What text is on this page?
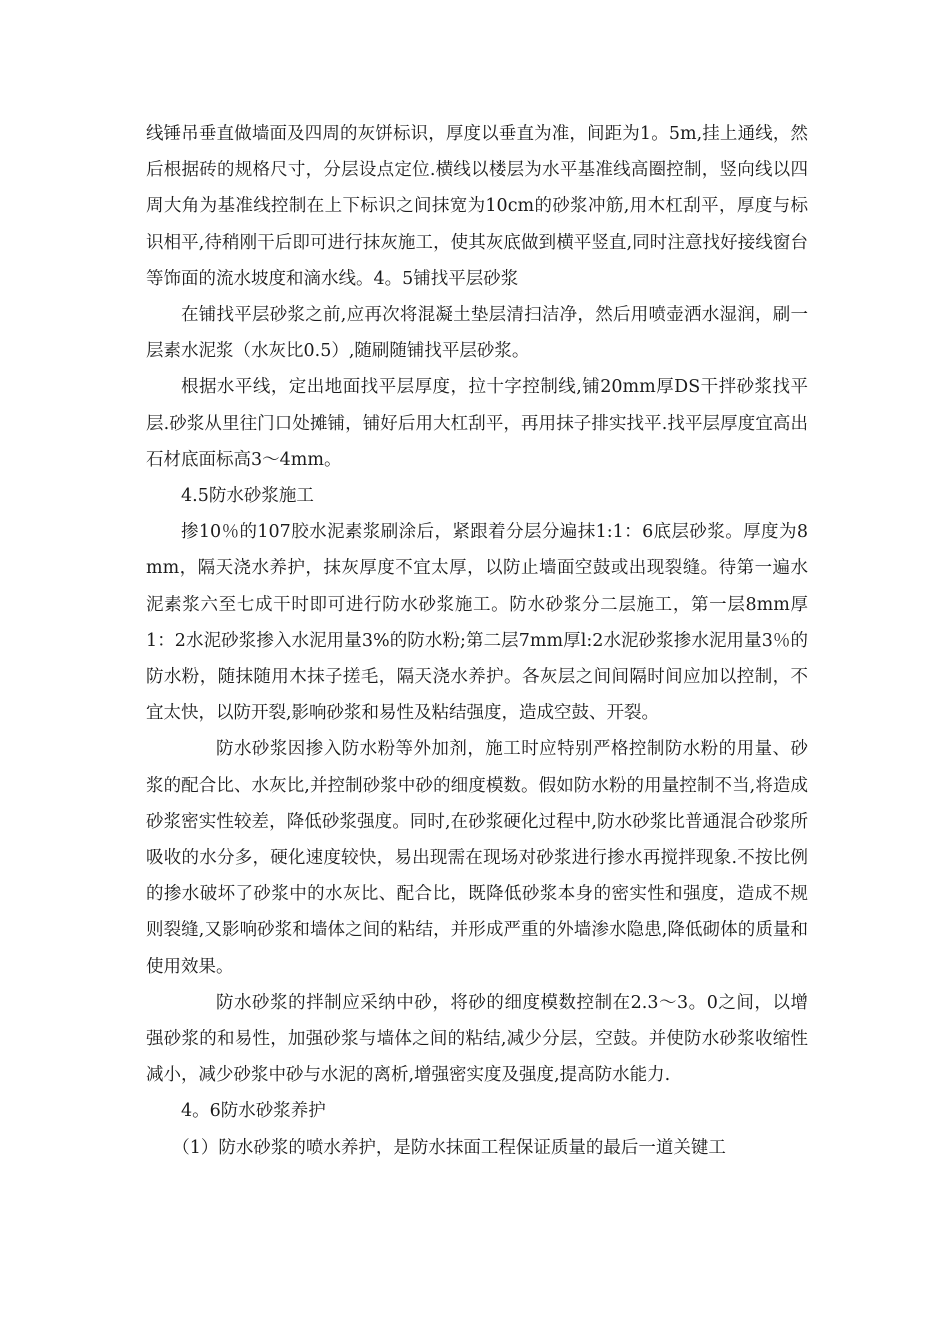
线锤吊垂直做墙面及四周的灰饼标识，厚度以垂直为准，间距为1。5m,挂上通线，然后根据砖的规格尺寸，分层设点定位.横线以楼层为水平基准线高圈控制，竖向线以四周大角为基准线控制在上下标识之间抹宽为10cm的砂浆冲筋,用木杠刮平，厚度与标识相平,待稍刚干后即可进行抹灰施工，使其灰底做到横平竖直,同时注意找好接线窗台等饰面的流水坡度和滴水线。4。5铺找平层砂浆

在铺找平层砂浆之前,应再次将混凝土垫层清扫洁净，然后用喷壶洒水湿润，刷一层素水泥浆（水灰比0.5）,随刷随铺找平层砂浆。

根据水平线，定出地面找平层厚度，拉十字控制线,铺20mm厚DS干拌砂浆找平层.砂浆从里往门口处摊铺，铺好后用大杠刮平，再用抹子排实找平.找平层厚度宜高出石材底面标高3～4mm。

4.5防水砂浆施工

掺10％的107胶水泥素浆刷涂后，紧跟着分层分遍抹1:1：6底层砂浆。厚度为8mm，隔天浇水养护，抹灰厚度不宜太厚，以防止墙面空鼓或出现裂缝。待第一遍水泥素浆六至七成干时即可进行防水砂浆施工。防水砂浆分二层施工，第一层8mm厚1：2水泥砂浆掺入水泥用量3%的防水粉;第二层7mm厚l:2水泥砂浆掺水泥用量3％的防水粉，随抹随用木抹子搓毛，隔天浇水养护。各灰层之间间隔时间应加以控制，不宜太快，以防开裂,影响砂浆和易性及粘结强度，造成空鼓、开裂。

防水砂浆因掺入防水粉等外加剂，施工时应特别严格控制防水粉的用量、砂浆的配合比、水灰比,并控制砂浆中砂的细度模数。假如防水粉的用量控制不当,将造成砂浆密实性较差，降低砂浆强度。同时,在砂浆硬化过程中,防水砂浆比普通混合砂浆所吸收的水分多，硬化速度较快，易出现需在现场对砂浆进行掺水再搅拌现象.不按比例的掺水破坏了砂浆中的水灰比、配合比，既降低砂浆本身的密实性和强度，造成不规则裂缝,又影响砂浆和墙体之间的粘结，并形成严重的外墙渗水隐患,降低砌体的质量和使用效果。

防水砂浆的拌制应采纳中砂，将砂的细度模数控制在2.3～3。0之间，以增强砂浆的和易性，加强砂浆与墙体之间的粘结,减少分层，空鼓。并使防水砂浆收缩性减小，减少砂浆中砂与水泥的离析,增强密实度及强度,提高防水能力.

4。6防水砂浆养护

（1）防水砂浆的喷水养护，是防水抹面工程保证质量的最后一道关键工
